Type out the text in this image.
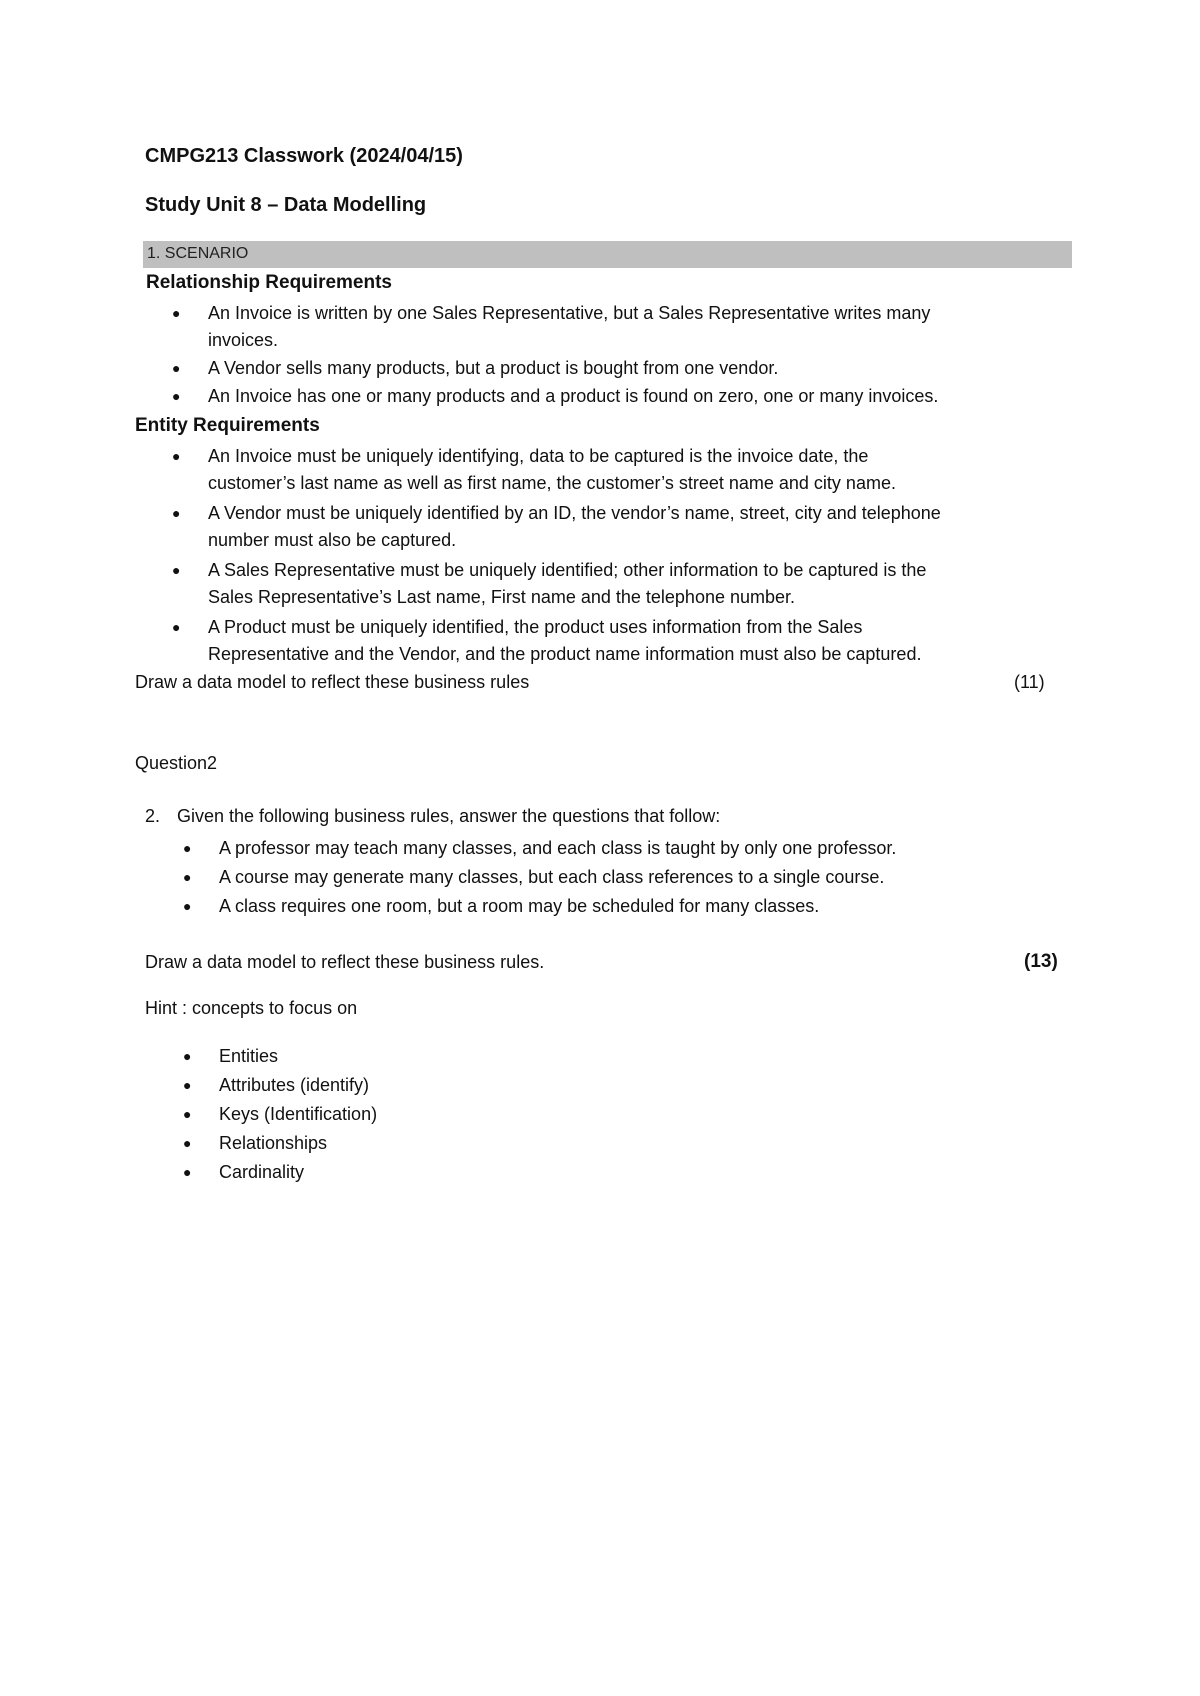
CMPG213 Classwork (2024/04/15)
Study Unit 8 – Data Modelling
1. SCENARIO
Relationship Requirements
● An Invoice is written by one Sales Representative, but a Sales Representative writes many
invoices.
● A Vendor sells many products, but a product is bought from one vendor.
● An Invoice has one or many products and a product is found on zero, one or many invoices.
Entity Requirements
● An Invoice must be uniquely identifying, data to be captured is the invoice date, the
customer’s last name as well as first name, the customer’s street name and city name.
● A Vendor must be uniquely identified by an ID, the vendor’s name, street, city and telephone
number must also be captured.
● A Sales Representative must be uniquely identified; other information to be captured is the
Sales Representative’s Last name, First name and the telephone number.
● A Product must be uniquely identified, the product uses information from the Sales
Representative and the Vendor, and the product name information must also be captured.
Draw a data model to reflect these business rules	(11)
Question2
2. Given the following business rules, answer the questions that follow:
● A professor may teach many classes, and each class is taught by only one professor.
● A course may generate many classes, but each class references to a single course.
● A class requires one room, but a room may be scheduled for many classes.
Draw a data model to reflect these business rules.	(13)
Hint : concepts to focus on
● Entities
● Attributes (identify)
● Keys (Identification)
● Relationships
● Cardinality
